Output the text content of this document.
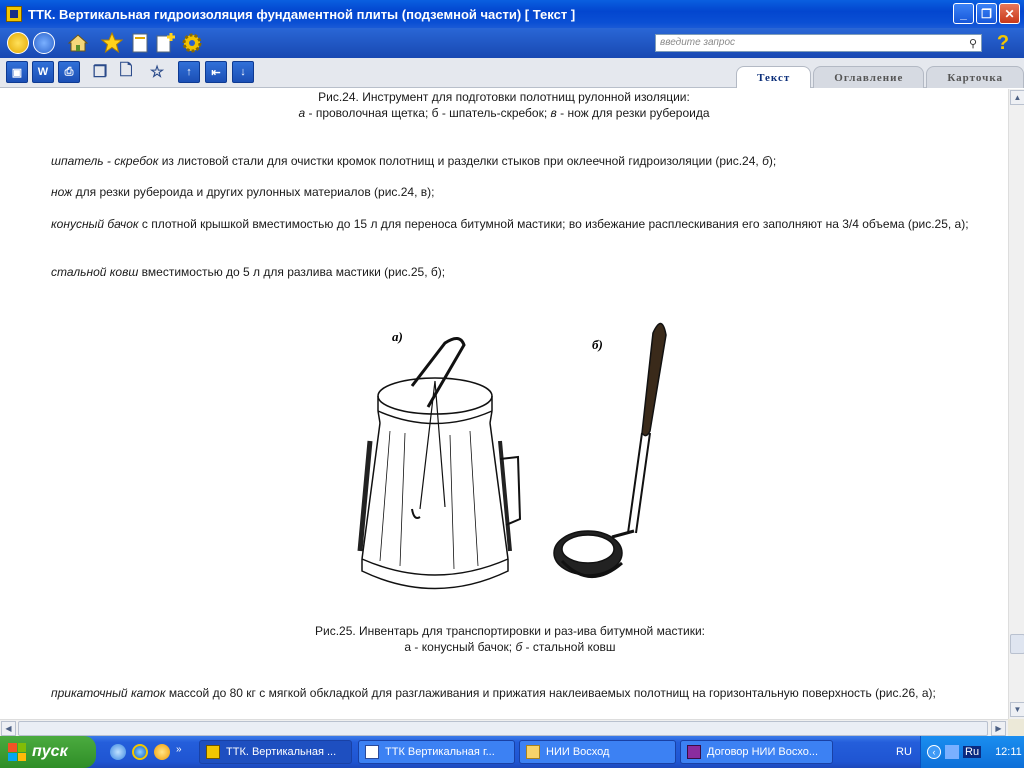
ТТК. Вертикальная гидроизоляция фундаментной плиты (подземной части) [ Текст ]	_	❐	✕
введите запрос	⚲ ?
▣ W ⎙ ❐ 🗋 ☆ ↑ ⇤ ↓	Текст	Оглавление	Карточка
Рис.24. Инструмент для подготовки полотнищ рулонной изоляции:
а - проволочная щетка; б - шпатель-скребок; в - нож для резки рубероида
шпатель - скребок из листовой стали для очистки кромок полотнищ и разделки стыков при оклеечной гидроизоляции (рис.24, б);
нож для резки рубероида и других рулонных материалов (рис.24, в);
конусный бачок с плотной крышкой вместимостью до 15 л для переноса битумной мастики; во избежание расплескивания его заполняют на 3/4 объема (рис.25, а);
стальной ковш вместимостью до 5 л для разлива мастики (рис.25, б);
а)
б)
Рис.25. Инвентарь для транспортировки и раз-ива битумной мастики:
а - конусный бачок; б - стальной ковш
прикаточный каток массой до 80 кг с мягкой обкладкой для разглаживания и прижатия наклеиваемых полотнищ на горизонтальную поверхность (рис.26, а);
▲
▼
◀	▶
пуск	»	ТТК. Вертикальная ...	ТТК Вертикальная г...	НИИ Восход	Договор НИИ Восхо...	RU	‹	Ru 12:11
